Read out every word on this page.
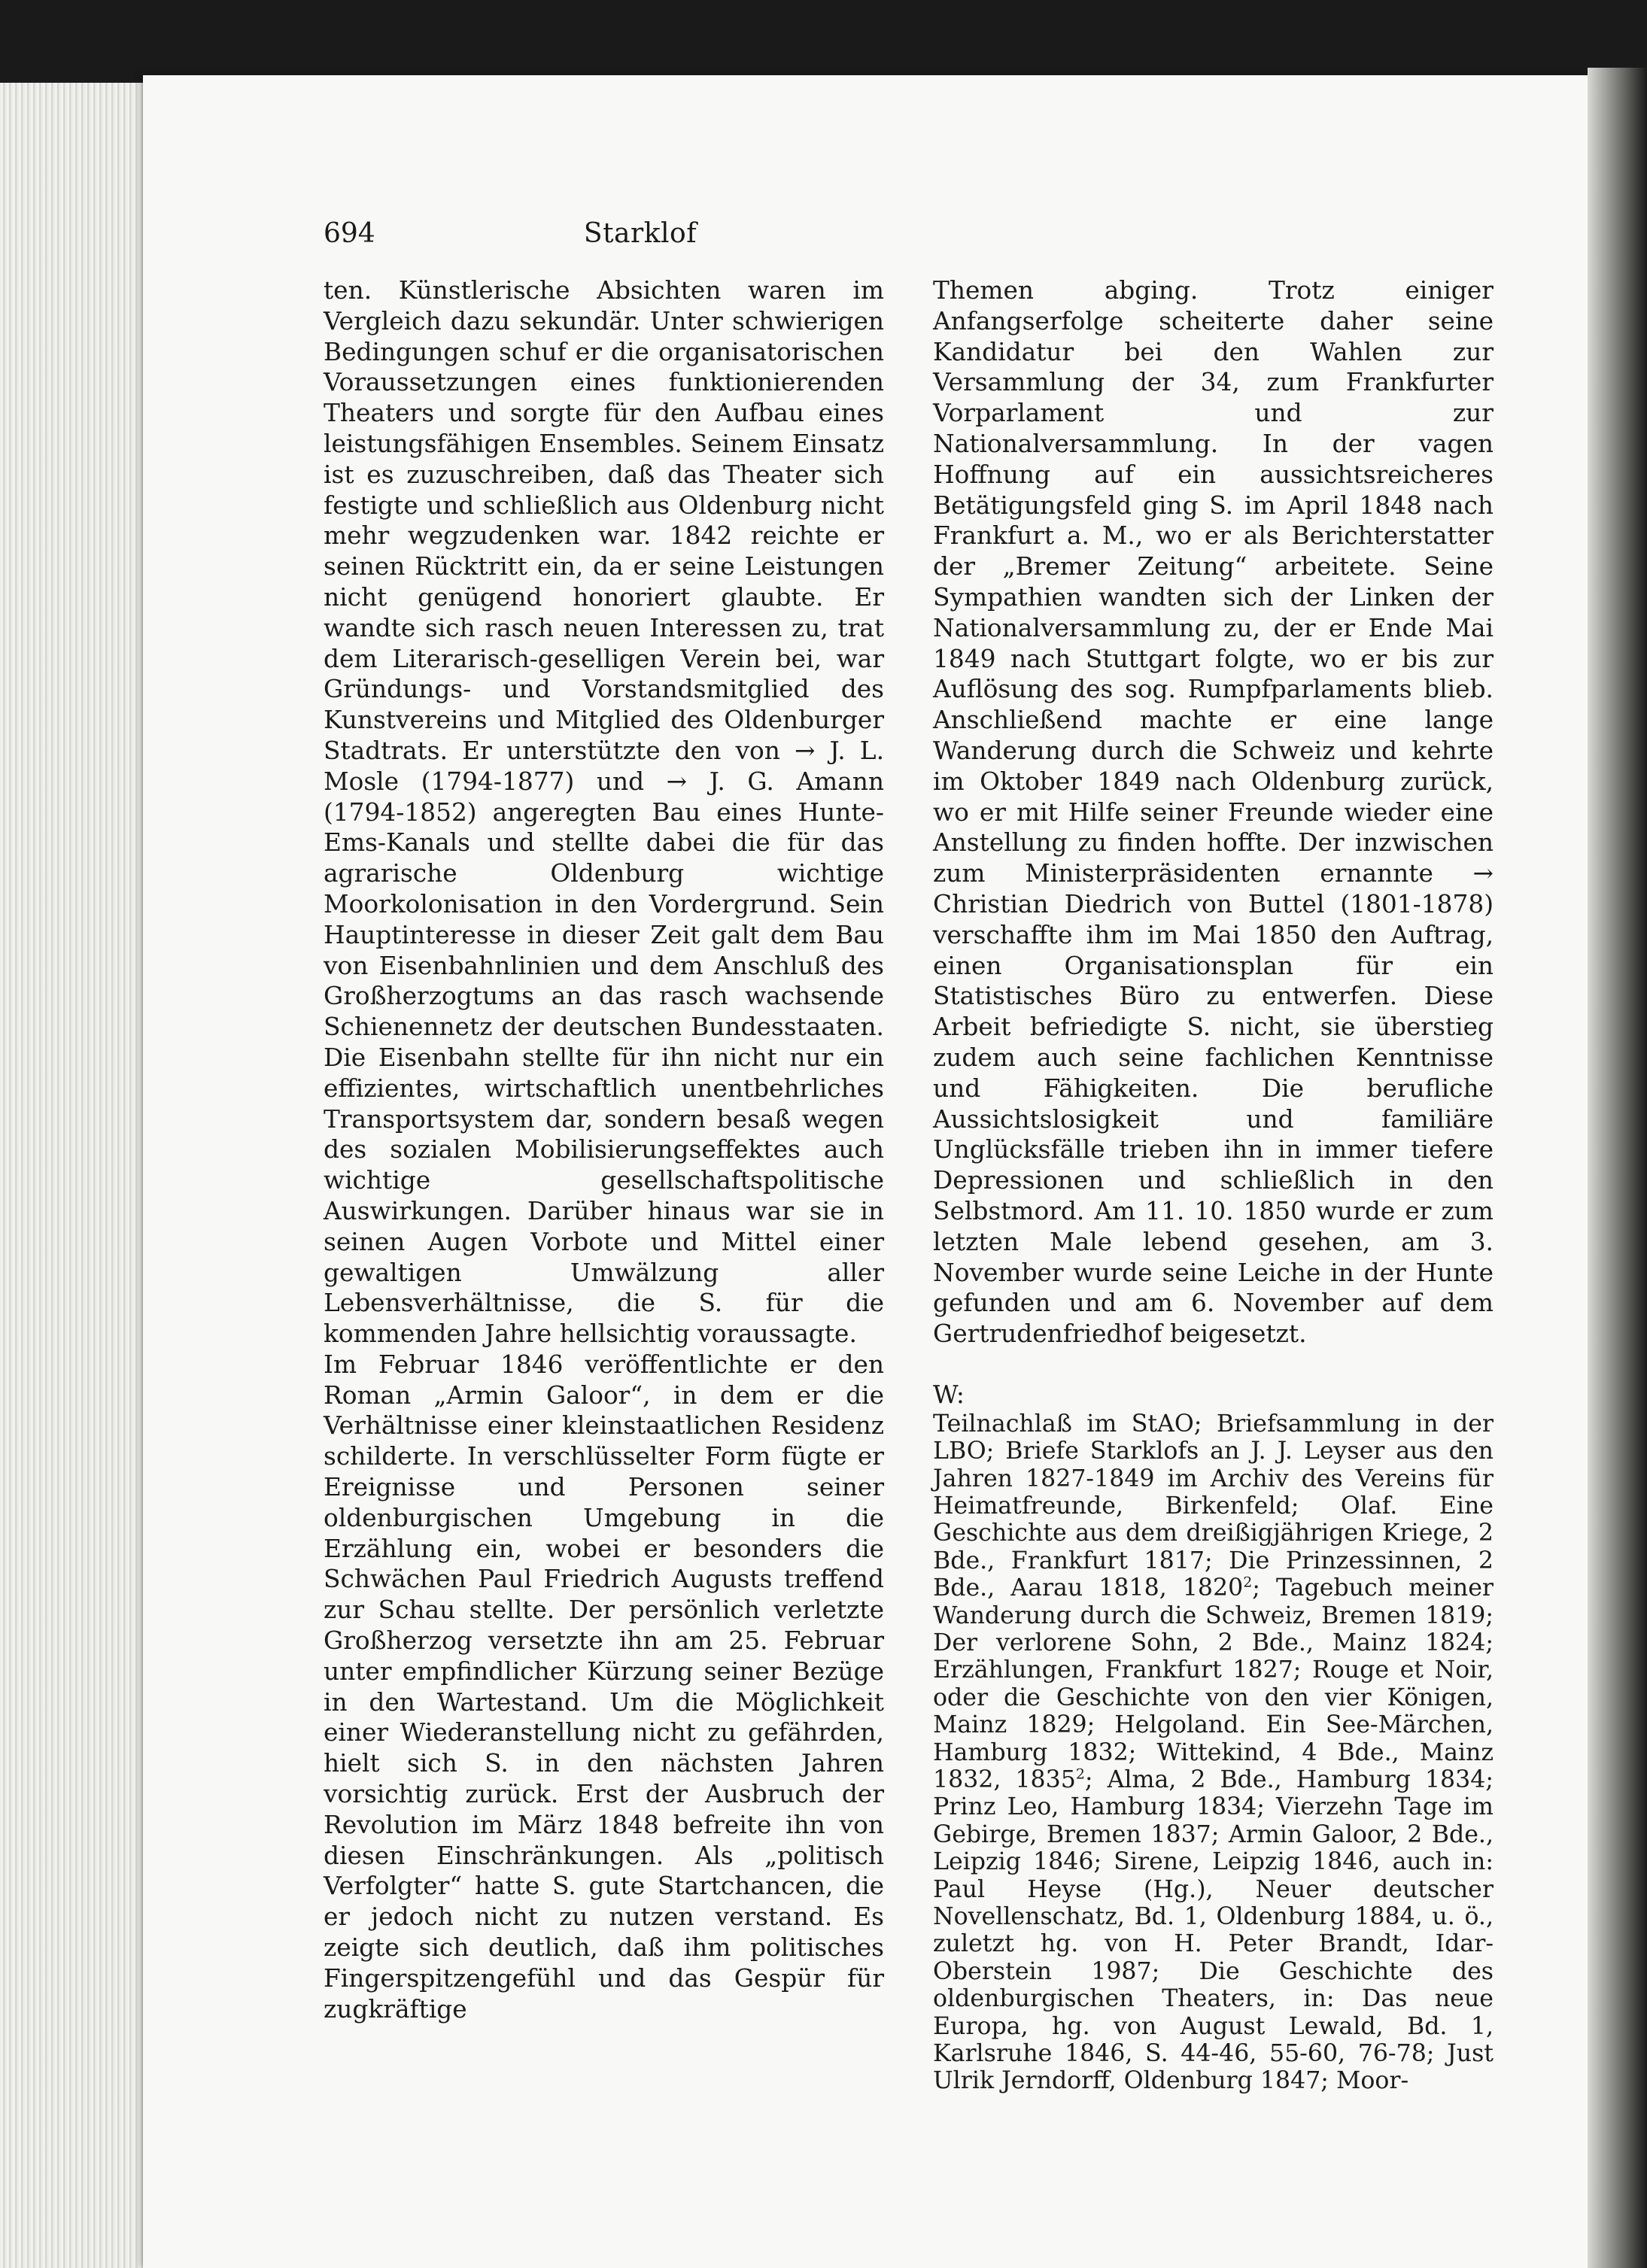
694	Starklof

ten. Künstlerische Absichten waren im Vergleich dazu sekundär. Unter schwierigen Bedingungen schuf er die organisatorischen Voraussetzungen eines funktionierenden Theaters und sorgte für den Aufbau eines leistungsfähigen Ensembles. Seinem Einsatz ist es zuzuschreiben, daß das Theater sich festigte und schließlich aus Oldenburg nicht mehr wegzudenken war. 1842 reichte er seinen Rücktritt ein, da er seine Leistungen nicht genügend honoriert glaubte. Er wandte sich rasch neuen Interessen zu, trat dem Literarisch-geselligen Verein bei, war Gründungs- und Vorstandsmitglied des Kunstvereins und Mitglied des Oldenburger Stadtrats. Er unterstützte den von → J. L. Mosle (1794-1877) und → J. G. Amann (1794-1852) angeregten Bau eines Hunte-Ems-Kanals und stellte dabei die für das agrarische Oldenburg wichtige Moorkolonisation in den Vordergrund. Sein Hauptinteresse in dieser Zeit galt dem Bau von Eisenbahnlinien und dem Anschluß des Großherzogtums an das rasch wachsende Schienennetz der deutschen Bundesstaaten. Die Eisenbahn stellte für ihn nicht nur ein effizientes, wirtschaftlich unentbehrliches Transportsystem dar, sondern besaß wegen des sozialen Mobilisierungseffektes auch wichtige gesellschaftspolitische Auswirkungen. Darüber hinaus war sie in seinen Augen Vorbote und Mittel einer gewaltigen Umwälzung aller Lebensverhältnisse, die S. für die kommenden Jahre hellsichtig voraussagte.

Im Februar 1846 veröffentlichte er den Roman „Armin Galoor“, in dem er die Verhältnisse einer kleinstaatlichen Residenz schilderte. In verschlüsselter Form fügte er Ereignisse und Personen seiner oldenburgischen Umgebung in die Erzählung ein, wobei er besonders die Schwächen Paul Friedrich Augusts treffend zur Schau stellte. Der persönlich verletzte Großherzog versetzte ihn am 25. Februar unter empfindlicher Kürzung seiner Bezüge in den Wartestand. Um die Möglichkeit einer Wiederanstellung nicht zu gefährden, hielt sich S. in den nächsten Jahren vorsichtig zurück. Erst der Ausbruch der Revolution im März 1848 befreite ihn von diesen Einschränkungen. Als „politisch Verfolgter“ hatte S. gute Startchancen, die er jedoch nicht zu nutzen verstand. Es zeigte sich deutlich, daß ihm politisches Fingerspitzengefühl und das Gespür für zugkräftige

Themen abging. Trotz einiger Anfangserfolge scheiterte daher seine Kandidatur bei den Wahlen zur Versammlung der 34, zum Frankfurter Vorparlament und zur Nationalversammlung. In der vagen Hoffnung auf ein aussichtsreicheres Betätigungsfeld ging S. im April 1848 nach Frankfurt a. M., wo er als Berichterstatter der „Bremer Zeitung“ arbeitete. Seine Sympathien wandten sich der Linken der Nationalversammlung zu, der er Ende Mai 1849 nach Stuttgart folgte, wo er bis zur Auflösung des sog. Rumpfparlaments blieb. Anschließend machte er eine lange Wanderung durch die Schweiz und kehrte im Oktober 1849 nach Oldenburg zurück, wo er mit Hilfe seiner Freunde wieder eine Anstellung zu finden hoffte. Der inzwischen zum Ministerpräsidenten ernannte → Christian Diedrich von Buttel (1801-1878) verschaffte ihm im Mai 1850 den Auftrag, einen Organisationsplan für ein Statistisches Büro zu entwerfen. Diese Arbeit befriedigte S. nicht, sie überstieg zudem auch seine fachlichen Kenntnisse und Fähigkeiten. Die berufliche Aussichtslosigkeit und familiäre Unglücksfälle trieben ihn in immer tiefere Depressionen und schließlich in den Selbstmord. Am 11. 10. 1850 wurde er zum letzten Male lebend gesehen, am 3. November wurde seine Leiche in der Hunte gefunden und am 6. November auf dem Gertrudenfriedhof beigesetzt.

W:

Teilnachlaß im StAO; Briefsammlung in der LBO; Briefe Starklofs an J. J. Leyser aus den Jahren 1827-1849 im Archiv des Vereins für Heimatfreunde, Birkenfeld; Olaf. Eine Geschichte aus dem dreißigjährigen Kriege, 2 Bde., Frankfurt 1817; Die Prinzessinnen, 2 Bde., Aarau 1818, 1820$^2$; Tagebuch meiner Wanderung durch die Schweiz, Bremen 1819; Der verlorene Sohn, 2 Bde., Mainz 1824; Erzählungen, Frankfurt 1827; Rouge et Noir, oder die Geschichte von den vier Königen, Mainz 1829; Helgoland. Ein See-Märchen, Hamburg 1832; Wittekind, 4 Bde., Mainz 1832, 1835$^2$; Alma, 2 Bde., Hamburg 1834; Prinz Leo, Hamburg 1834; Vierzehn Tage im Gebirge, Bremen 1837; Armin Galoor, 2 Bde., Leipzig 1846; Sirene, Leipzig 1846, auch in: Paul Heyse (Hg.), Neuer deutscher Novellenschatz, Bd. 1, Oldenburg 1884, u. ö., zuletzt hg. von H. Peter Brandt, Idar-Oberstein 1987; Die Geschichte des oldenburgischen Theaters, in: Das neue Europa, hg. von August Lewald, Bd. 1, Karlsruhe 1846, S. 44-46, 55-60, 76-78; Just Ulrik Jerndorff, Oldenburg 1847; Moor-
